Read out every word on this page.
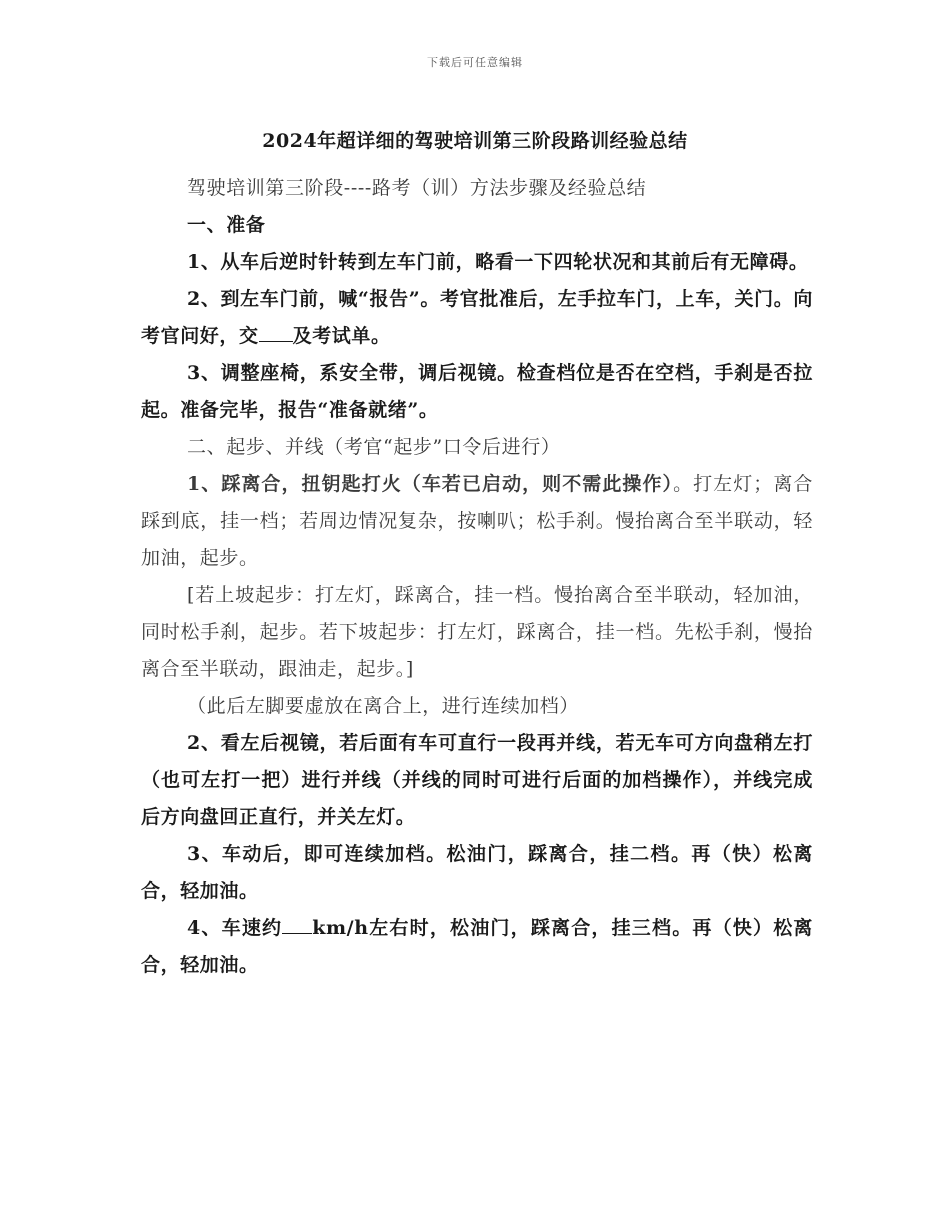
下载后可任意编辑
2024年超详细的驾驶培训第三阶段路训经验总结

驾驶培训第三阶段----路考（训）方法步骤及经验总结

一、准备

1、从车后逆时针转到左车门前，略看一下四轮状况和其前后有无障碍。

2、到左车门前，喊“报告”。考官批准后，左手拉车门，上车，关门。向考官问好，交 及考试单。

3、调整座椅，系安全带，调后视镜。检查档位是否在空档，手刹是否拉起。准备完毕，报告“准备就绪”。

二、起步、并线（考官“起步”口令后进行）

1、踩离合，扭钥匙打火（车若已启动，则不需此操作）。打左灯；离合踩到底，挂一档；若周边情况复杂，按喇叭；松手刹。慢抬离合至半联动，轻加油，起步。

[若上坡起步：打左灯，踩离合，挂一档。慢抬离合至半联动，轻加油，同时松手刹，起步。若下坡起步：打左灯，踩离合，挂一档。先松手刹，慢抬离合至半联动，跟油走，起步。]

（此后左脚要虚放在离合上，进行连续加档）

2、看左后视镜，若后面有车可直行一段再并线，若无车可方向盘稍左打（也可左打一把）进行并线（并线的同时可进行后面的加档操作），并线完成后方向盘回正直行，并关左灯。

3、车动后，即可连续加档。松油门，踩离合，挂二档。再（快）松离合，轻加油。

4、车速约 km/h左右时，松油门，踩离合，挂三档。再（快）松离合，轻加油。
